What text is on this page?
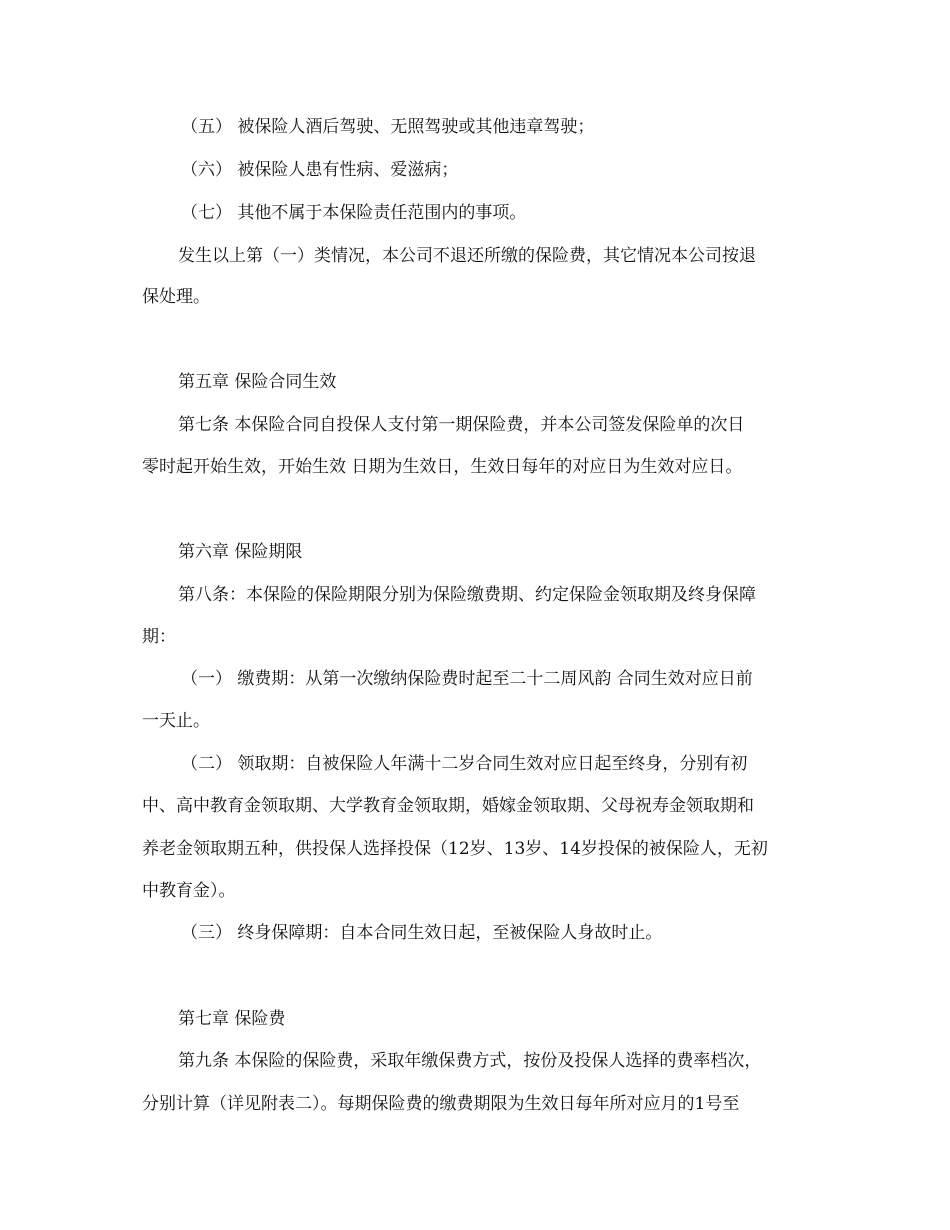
（五） 被保险人酒后驾驶、无照驾驶或其他违章驾驶；
（六） 被保险人患有性病、爱滋病；
（七） 其他不属于本保险责任范围内的事项。
发生以上第（一）类情况，本公司不退还所缴的保险费，其它情况本公司按退
保处理。
第五章 保险合同生效
第七条 本保险合同自投保人支付第一期保险费，并本公司签发保险单的次日
零时起开始生效，开始生效 日期为生效日，生效日每年的对应日为生效对应日。
第六章 保险期限
第八条：本保险的保险期限分别为保险缴费期、约定保险金领取期及终身保障
期：
（一） 缴费期：从第一次缴纳保险费时起至二十二周风韵 合同生效对应日前
一天止。
（二） 领取期：自被保险人年满十二岁合同生效对应日起至终身，分别有初
中、高中教育金领取期、大学教育金领取期，婚嫁金领取期、父母祝寿金领取期和
养老金领取期五种，供投保人选择投保（12岁、13岁、14岁投保的被保险人，无初
中教育金）。
（三） 终身保障期：自本合同生效日起，至被保险人身故时止。
第七章 保险费
第九条 本保险的保险费，采取年缴保费方式，按份及投保人选择的费率档次，
分别计算（详见附表二）。每期保险费的缴费期限为生效日每年所对应月的1号至
